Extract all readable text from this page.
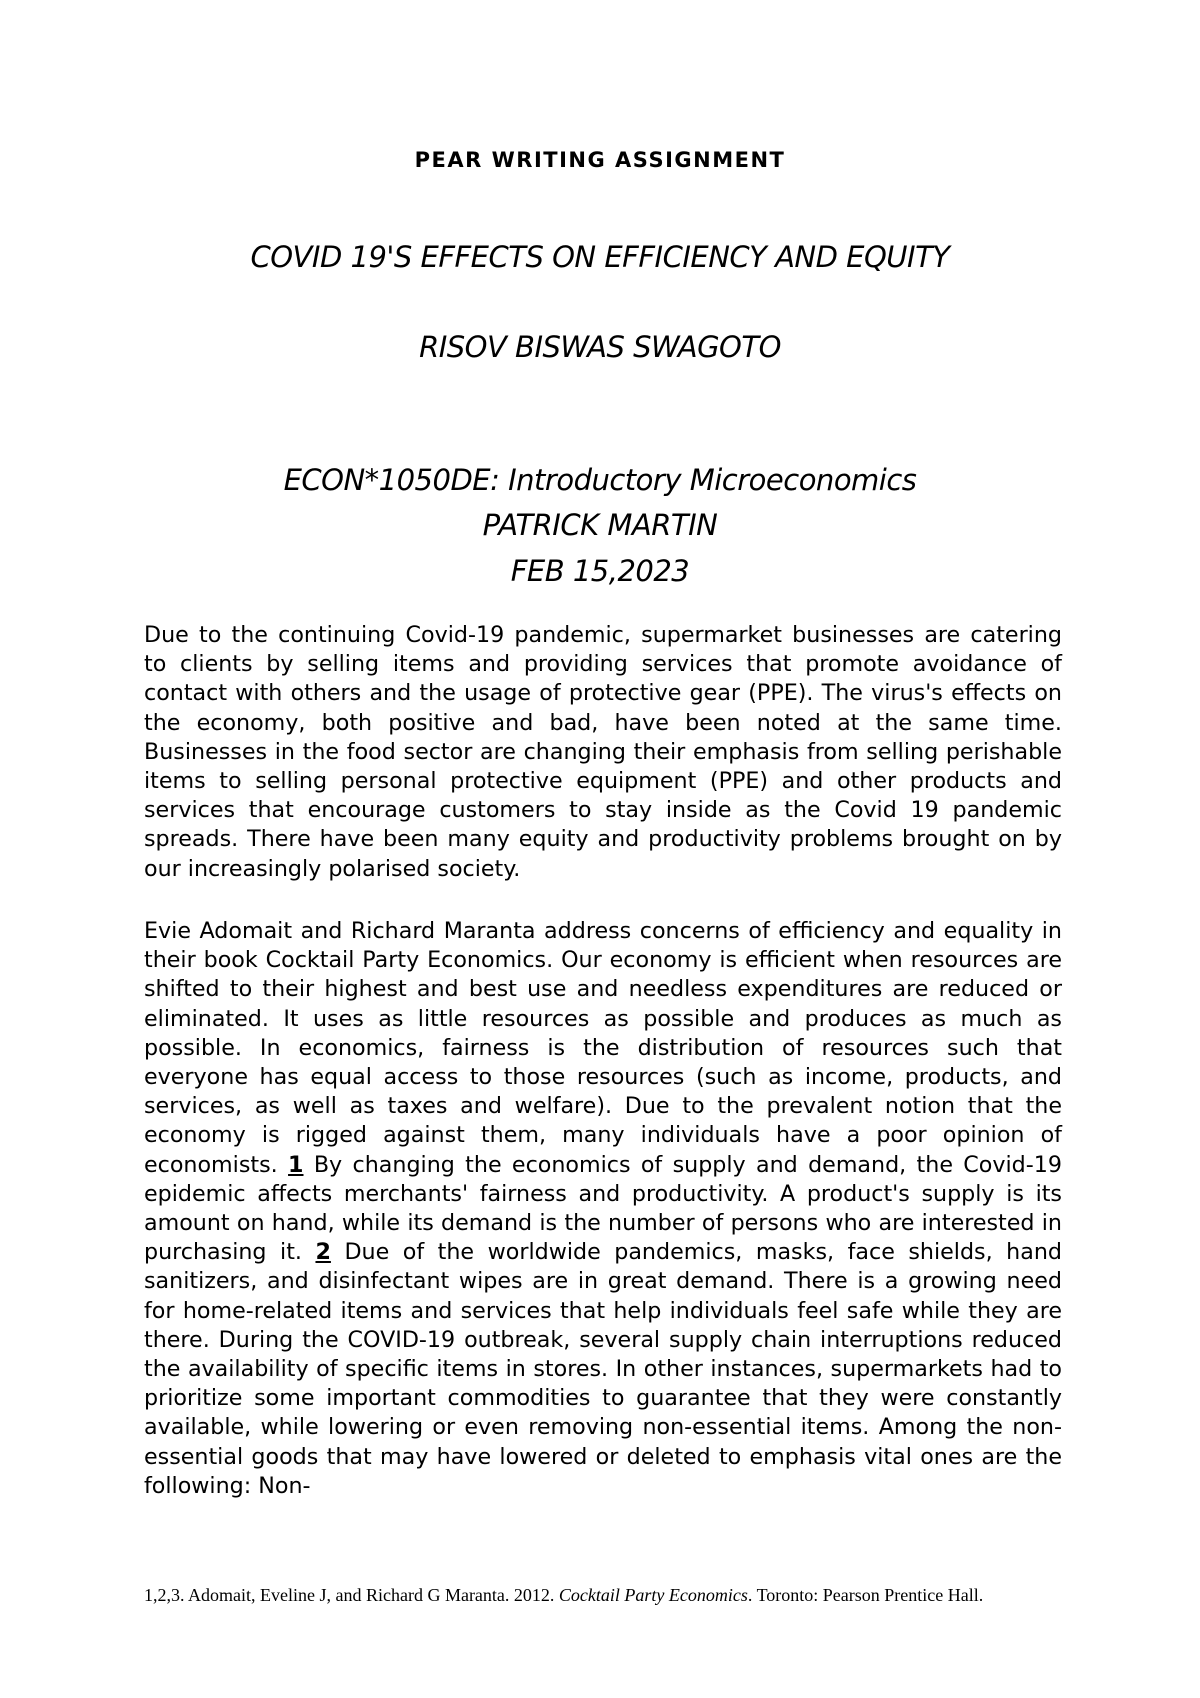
PEAR WRITING ASSIGNMENT
COVID 19'S EFFECTS ON EFFICIENCY AND EQUITY
RISOV BISWAS SWAGOTO
ECON*1050DE: Introductory Microeconomics
PATRICK MARTIN
FEB 15,2023

Due to the continuing Covid-19 pandemic, supermarket businesses are catering to clients by selling items and providing services that promote avoidance of contact with others and the usage of protective gear (PPE). The virus's effects on the economy, both positive and bad, have been noted at the same time. Businesses in the food sector are changing their emphasis from selling perishable items to selling personal protective equipment (PPE) and other products and services that encourage customers to stay inside as the Covid 19 pandemic spreads. There have been many equity and productivity problems brought on by our increasingly polarised society.

Evie Adomait and Richard Maranta address concerns of efficiency and equality in their book Cocktail Party Economics. Our economy is efficient when resources are shifted to their highest and best use and needless expenditures are reduced or eliminated. It uses as little resources as possible and produces as much as possible. In economics, fairness is the distribution of resources such that everyone has equal access to those resources (such as income, products, and services, as well as taxes and welfare). Due to the prevalent notion that the economy is rigged against them, many individuals have a poor opinion of economists. 1 By changing the economics of supply and demand, the Covid-19 epidemic affects merchants' fairness and productivity. A product's supply is its amount on hand, while its demand is the number of persons who are interested in purchasing it. 2 Due of the worldwide pandemics, masks, face shields, hand sanitizers, and disinfectant wipes are in great demand. There is a growing need for home-related items and services that help individuals feel safe while they are there. During the COVID-19 outbreak, several supply chain interruptions reduced the availability of specific items in stores. In other instances, supermarkets had to prioritize some important commodities to guarantee that they were constantly available, while lowering or even removing non-essential items. Among the non-essential goods that may have lowered or deleted to emphasis vital ones are the following: Non-

1,2,3. Adomait, Eveline J, and Richard G Maranta. 2012. Cocktail Party Economics. Toronto: Pearson Prentice Hall.
